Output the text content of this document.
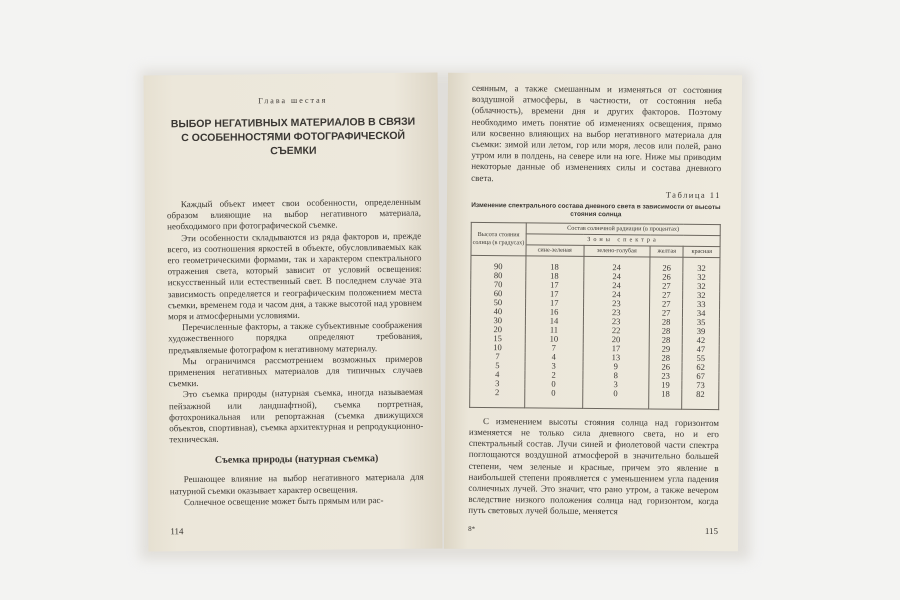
Глава шестая
ВЫБОР НЕГАТИВНЫХ МАТЕРИАЛОВ В СВЯЗИ
С ОСОБЕННОСТЯМИ ФОТОГРАФИЧЕСКОЙ СЪЕМКИ

Каждый объект имеет свои особенности, определенным образом влияющие на выбор негативного материала, необходимого при фотографической съемке.

Эти особенности складываются из ряда факторов и, прежде всего, из соотношения яркостей в объекте, обусловливаемых как его геометрическими формами, так и характером спектрального отражения света, который зависит от условий освещения: искусственный или естественный свет. В последнем случае эта зависимость определяется и географическим положением места съемки, временем года и часом дня, а также высотой над уровнем моря и атмосферными условиями.

Перечисленные факторы, а также субъективные соображения художественного порядка определяют требования, предъявляемые фотографом к негативному материалу.

Мы ограничимся рассмотрением возможных примеров применения негативных материалов для типичных случаев съемки.

Это съемка природы (натурная съемка, иногда называемая пейзажной или ландшафтной), съемка портретная, фотохроникальная или репортажная (съемка движущихся объектов, спортивная), съемка архитектурная и репродукционно-техническая.

Съемка природы (натурная съемка)

Решающее влияние на выбор негативного материала для натурной съемки оказывает характер освещения.

Солнечное освещение может быть прямым или рас-

114

сеянным, а также смешанным и изменяться от состояния воздушной атмосферы, в частности, от состояния неба (облачность), времени дня и других факторов. Поэтому необходимо иметь понятие об изменениях освещения, прямо или косвенно влияющих на выбор негативного материала для съемки: зимой или летом, гор или моря, лесов или полей, рано утром или в полдень, на севере или на юге. Ниже мы приводим некоторые данные об изменениях силы и состава дневного света.

Таблица 11
Изменение спектрального состава дневного света в зависимости от высоты стояния солнца
Высота стояния солнца (в градусах)	Состав солнечной радиации (в процентах)			
	Зоны спектра			
	сине-зеленая	зелено-голубая	желтая	красная
90	18	24	26	32
80	18	24	26	32
70	17	24	27	32
60	17	24	27	32
50	17	23	27	33
40	16	23	27	34
30	14	23	28	35
20	11	22	28	39
15	10	20	28	42
10	7	17	29	47
7	4	13	28	55
5	3	9	26	62
4	2	8	23	67
3	0	3	19	73
2	0	0	18	82

С изменением высоты стояния солнца над горизонтом изменяется не только сила дневного света, но и его спектральный состав. Лучи синей и фиолетовой части спектра поглощаются воздушной атмосферой в значительно большей степени, чем зеленые и красные, причем это явление в наибольшей степени проявляется с уменьшением угла падения солнечных лучей. Это значит, что рано утром, а также вечером вследствие низкого положения солнца над горизонтом, когда путь световых лучей больше, меняется

8*	115
